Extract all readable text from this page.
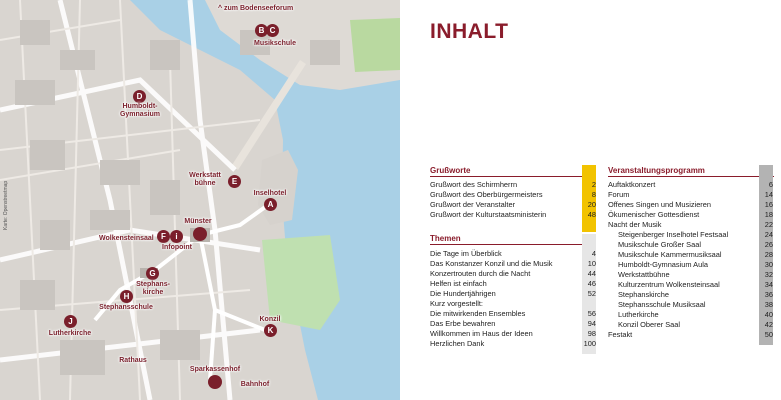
Karte: Openstreetmap
^ zum Bodenseeforum
B C
Musikschule
D
Humboldt-
Gymnasium
Werkstatt
bühne	E
Inselhotel
A
Münster
Wolkensteinsaal F	i
Infopoint
G
Stephans-
kirche
H
Stephansschule
J
Lutherkirche
Konzil
K
Rathaus
Sparkassenhof
Bahnhof
INHALT
Grußworte
Grußwort des Schirmherrn	2
Grußwort des Oberbürgermeisters	8
Grußwort der Veranstalter	20
Grußwort der Kulturstaatsministerin	48
Themen
Die Tage im Überblick	4
Das Konstanzer Konzil und die Musik	10
Konzertrouten durch die Nacht	44
Helfen ist einfach	46
Die Hundertjährigen	52
Kurz vorgestellt:
Die mitwirkenden Ensembles	56
Das Erbe bewahren	94
Willkommen im Haus der Ideen	98
Herzlichen Dank	100
Veranstaltungsprogramm
Auftaktkonzert	6
Forum	14
Offenes Singen und Musizieren	16
Ökumenischer Gottesdienst	18
Nacht der Musik	22
Steigenberger Inselhotel Festsaal	24
Musikschule Großer Saal	26
Musikschule Kammermusiksaal	28
Humboldt-Gymnasium Aula	30
Werkstattbühne	32
Kulturzentrum Wolkensteinsaal	34
Stephanskirche	36
Stephansschule Musiksaal	38
Lutherkirche	40
Konzil Oberer Saal	42
Festakt	50
